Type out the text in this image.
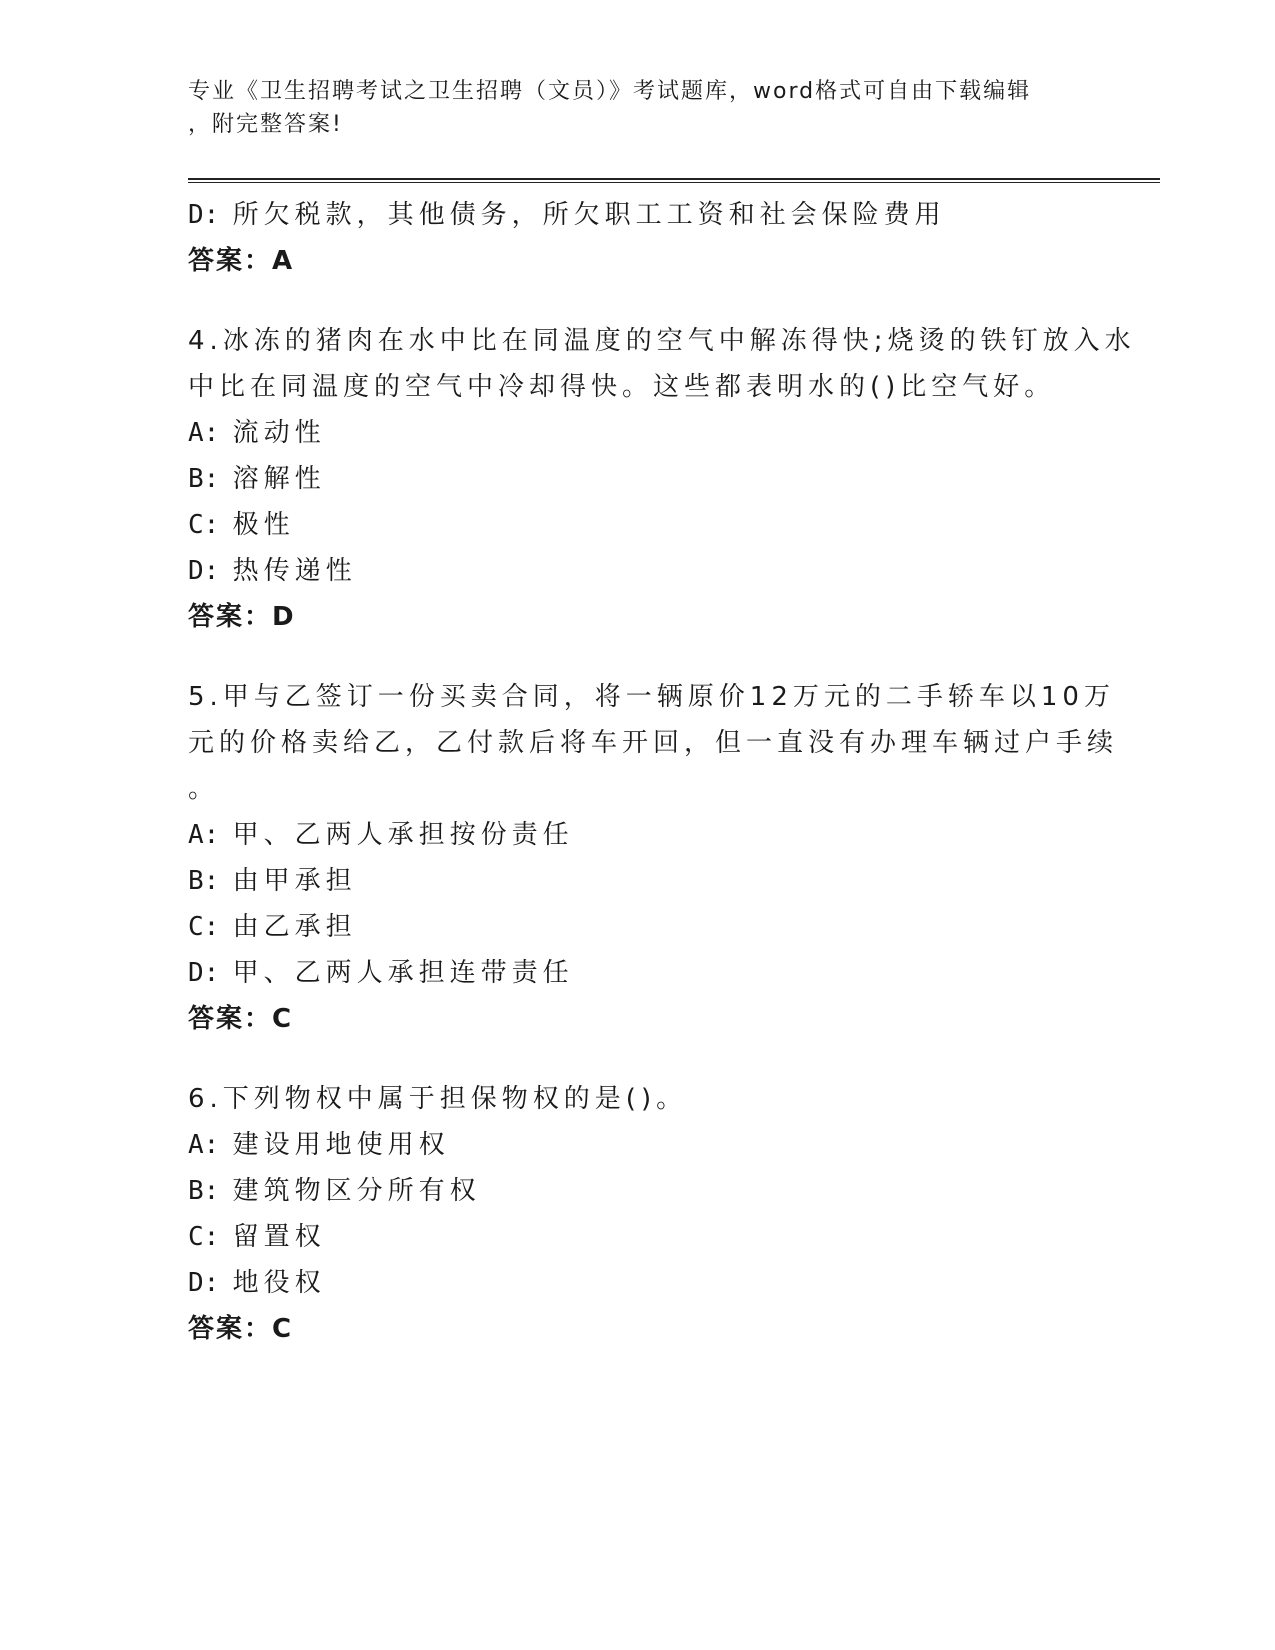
专业《卫生招聘考试之卫生招聘（文员）》考试题库，word格式可自由下载编辑
，附完整答案!
D: 所欠税款，其他债务，所欠职工工资和社会保险费用
答案：A
4.冰冻的猪肉在水中比在同温度的空气中解冻得快;烧烫的铁钉放入水
中比在同温度的空气中冷却得快。这些都表明水的()比空气好。
A: 流动性
B: 溶解性
C: 极性
D: 热传递性
答案：D
5.甲与乙签订一份买卖合同，将一辆原价12万元的二手轿车以10万
元的价格卖给乙，乙付款后将车开回，但一直没有办理车辆过户手续
。
A: 甲、乙两人承担按份责任
B: 由甲承担
C: 由乙承担
D: 甲、乙两人承担连带责任
答案：C
6.下列物权中属于担保物权的是()。
A: 建设用地使用权
B: 建筑物区分所有权
C: 留置权
D: 地役权
答案：C
